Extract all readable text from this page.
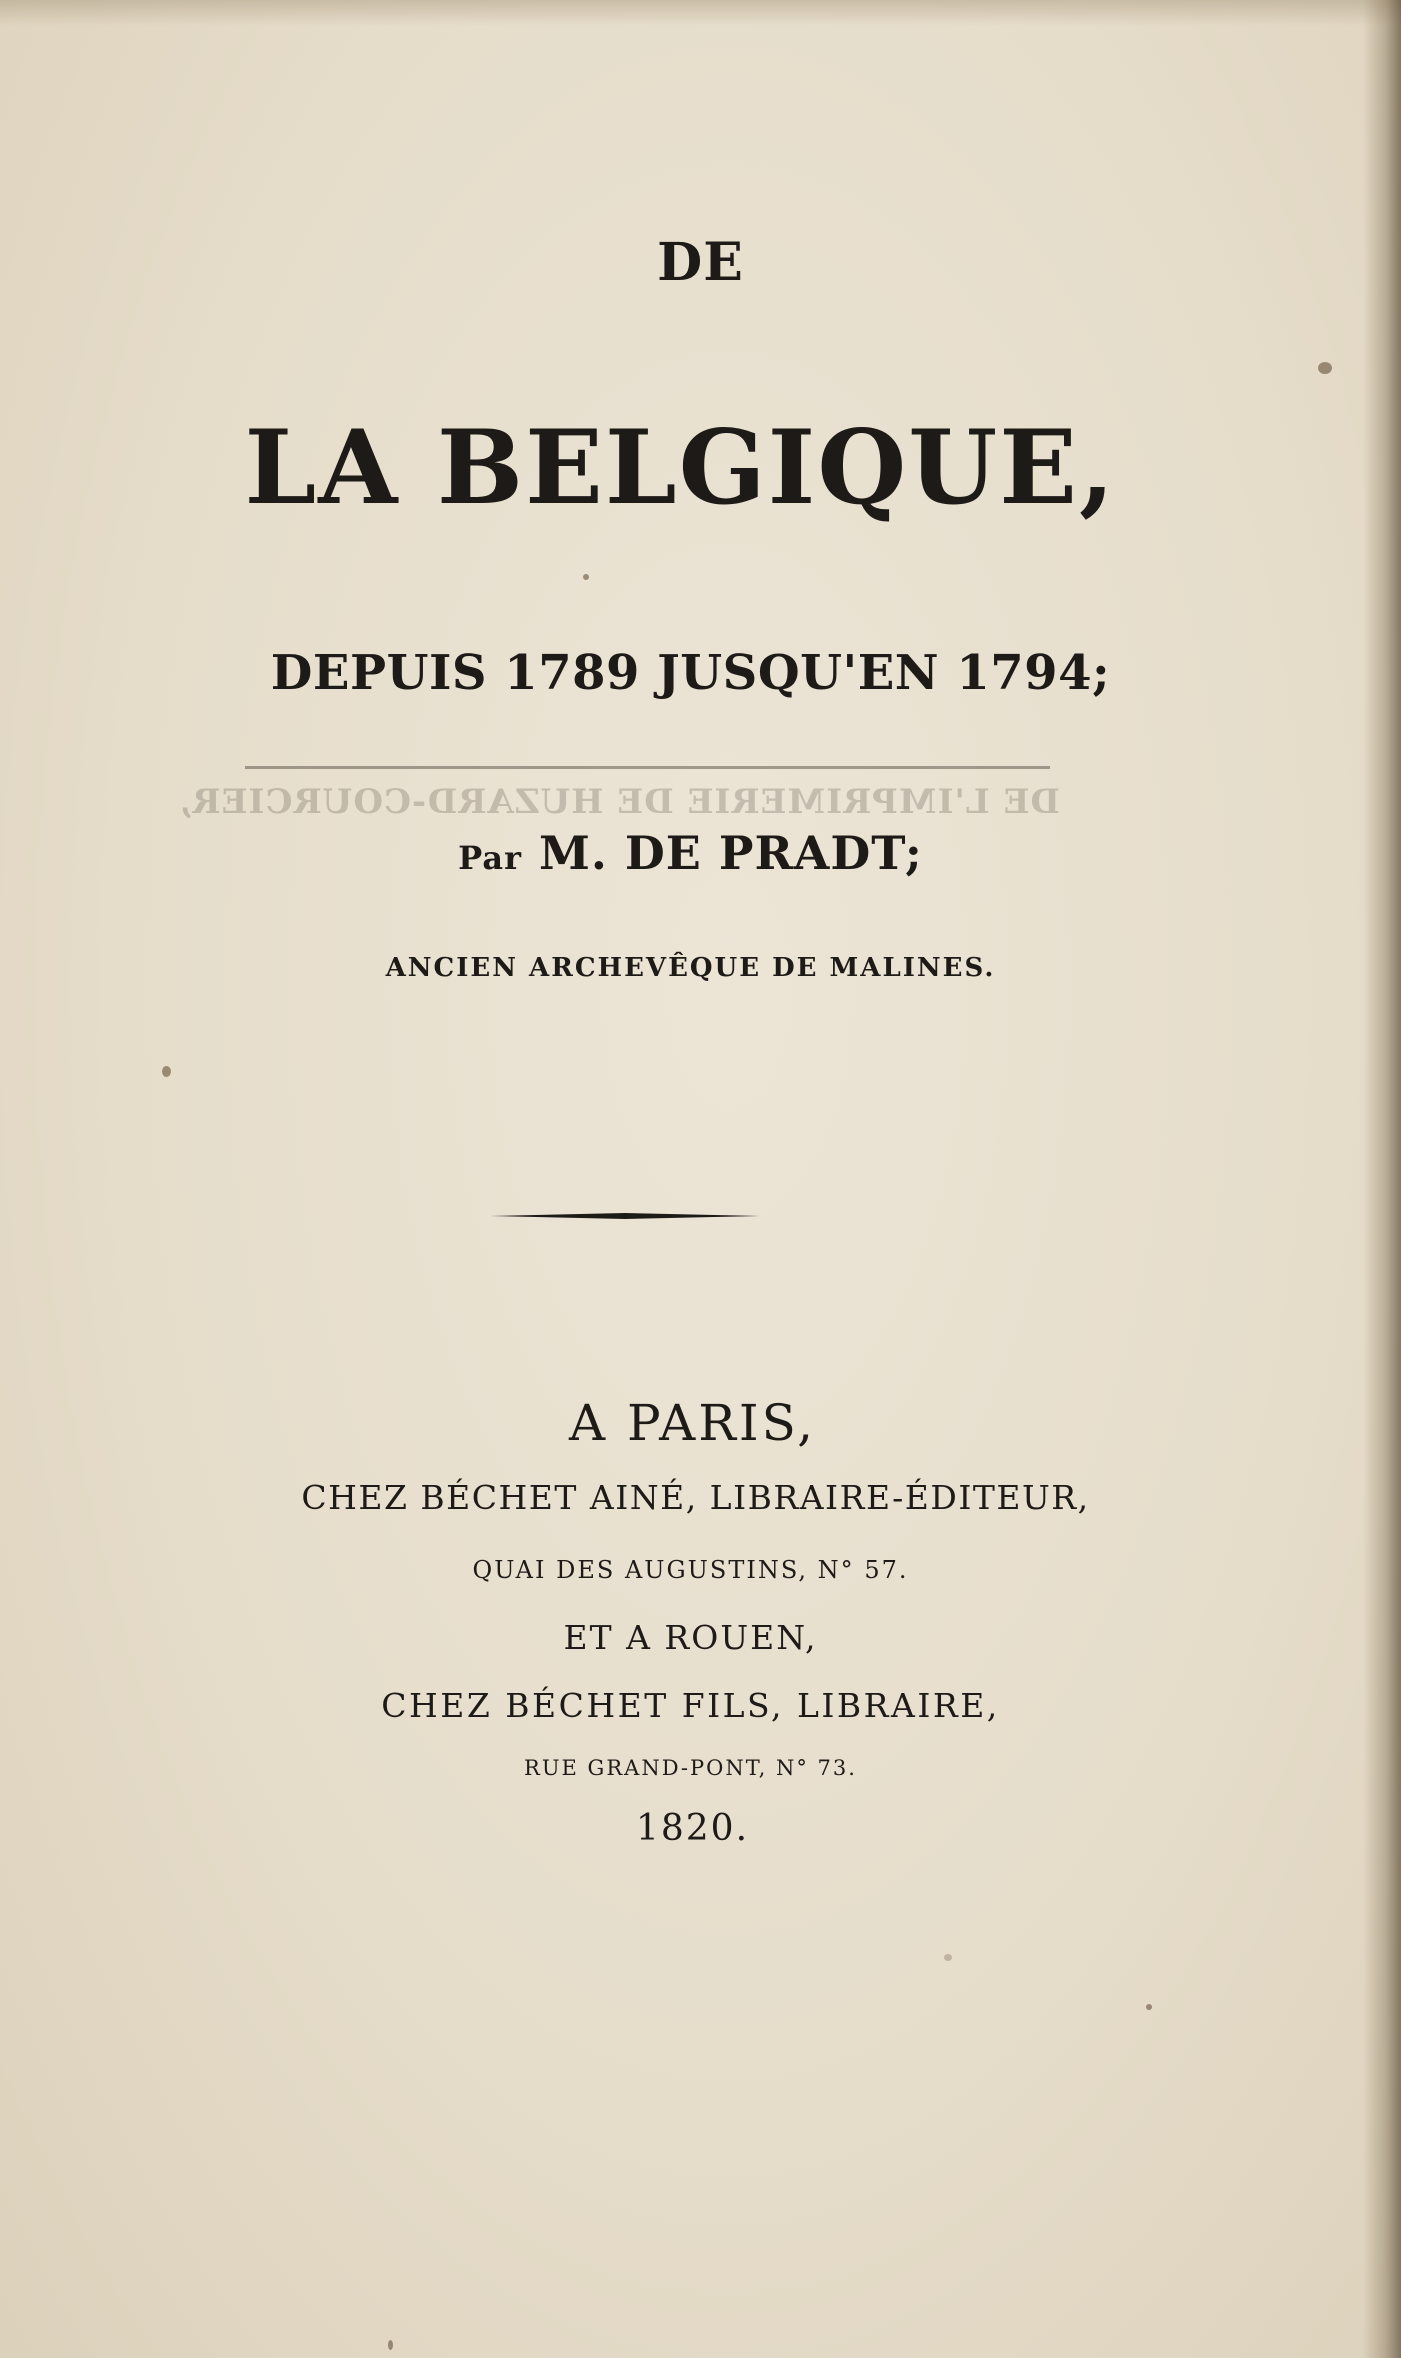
DE
LA BELGIQUE,
DEPUIS 1789 JUSQU'EN 1794;
DE L'IMPRIMERIE DE HUZARD-COURCIER,
Par M. DE PRADT;
ANCIEN ARCHEVÊQUE DE MALINES.
A PARIS,
CHEZ BÉCHET AINÉ, LIBRAIRE-ÉDITEUR,
QUAI DES AUGUSTINS, N° 57.
ET A ROUEN,
CHEZ BÉCHET FILS, LIBRAIRE,
RUE GRAND-PONT, N° 73.
1820.
